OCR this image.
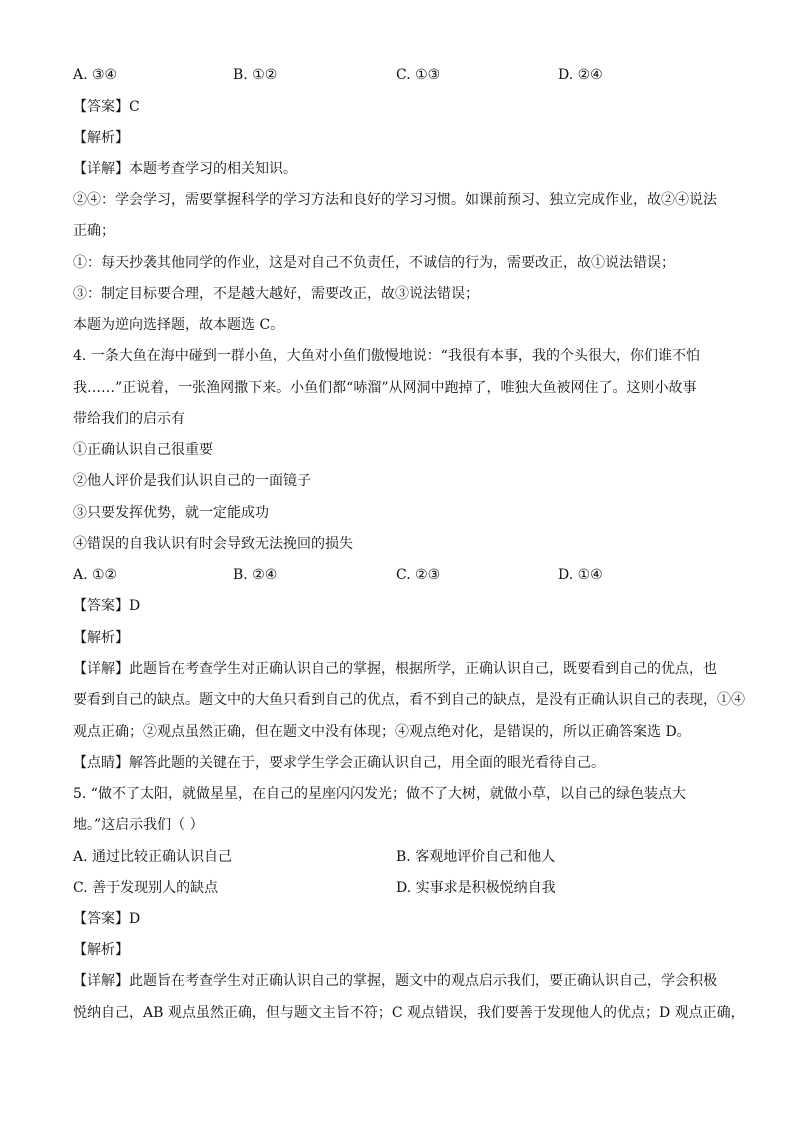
A. ③④	B. ①②	C. ①③	D. ②④
【答案】C
【解析】
【详解】本题考查学习的相关知识。
②④：学会学习，需要掌握科学的学习方法和良好的学习习惯。如课前预习、独立完成作业，故②④说法
正确；
①：每天抄袭其他同学的作业，这是对自己不负责任，不诚信的行为，需要改正，故①说法错误；
③：制定目标要合理，不是越大越好，需要改正，故③说法错误；
本题为逆向选择题，故本题选 C。
4. 一条大鱼在海中碰到一群小鱼，大鱼对小鱼们傲慢地说：“我很有本事，我的个头很大，你们谁不怕
我……”正说着，一张渔网撒下来。小鱼们都“哧溜”从网洞中跑掉了，唯独大鱼被网住了。这则小故事
带给我们的启示有
①正确认识自己很重要
②他人评价是我们认识自己的一面镜子
③只要发挥优势，就一定能成功
④错误的自我认识有时会导致无法挽回的损失
A. ①②	B. ②④	C. ②③	D. ①④
【答案】D
【解析】
【详解】此题旨在考查学生对正确认识自己的掌握，根据所学，正确认识自己，既要看到自己的优点，也
要看到自己的缺点。题文中的大鱼只看到自己的优点，看不到自己的缺点，是没有正确认识自己的表现，①④
观点正确；②观点虽然正确，但在题文中没有体现；④观点绝对化，是错误的，所以正确答案选 D。
【点睛】解答此题的关键在于，要求学生学会正确认识自己，用全面的眼光看待自己。
5. “做不了太阳，就做星星，在自己的星座闪闪发光；做不了大树，就做小草，以自己的绿色装点大
地。”这启示我们（ ）
A. 通过比较正确认识自己	B. 客观地评价自己和他人
C. 善于发现别人的缺点	D. 实事求是积极悦纳自我
【答案】D
【解析】
【详解】此题旨在考查学生对正确认识自己的掌握，题文中的观点启示我们，要正确认识自己，学会积极
悦纳自己，AB 观点虽然正确，但与题文主旨不符；C 观点错误，我们要善于发现他人的优点；D 观点正确，
